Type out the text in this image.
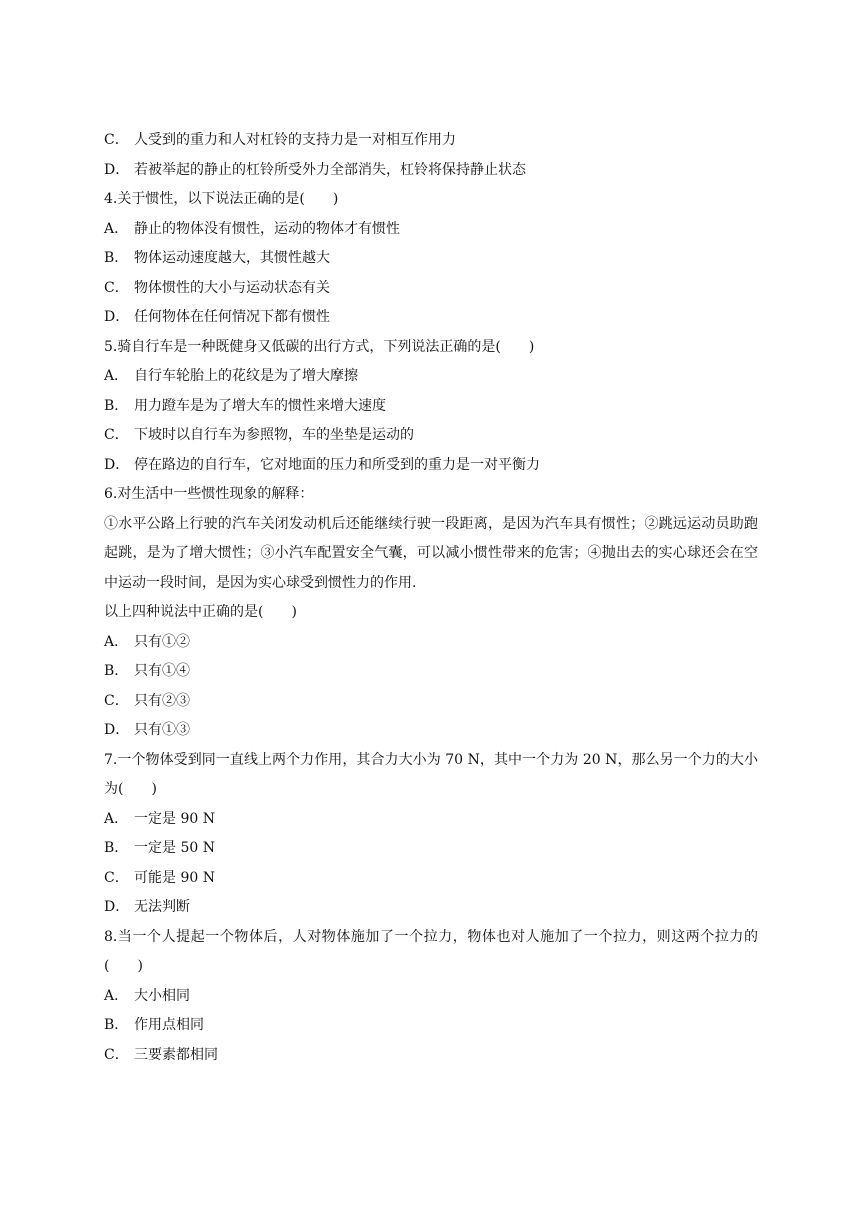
C． 人受到的重力和人对杠铃的支持力是一对相互作用力
D． 若被举起的静止的杠铃所受外力全部消失，杠铃将保持静止状态
4.关于惯性，以下说法正确的是(　　)
A． 静止的物体没有惯性，运动的物体才有惯性
B． 物体运动速度越大，其惯性越大
C． 物体惯性的大小与运动状态有关
D． 任何物体在任何情况下都有惯性
5.骑自行车是一种既健身又低碳的出行方式，下列说法正确的是(　　)
A． 自行车轮胎上的花纹是为了增大摩擦
B． 用力蹬车是为了增大车的惯性来增大速度
C． 下坡时以自行车为参照物，车的坐垫是运动的
D． 停在路边的自行车，它对地面的压力和所受到的重力是一对平衡力
6.对生活中一些惯性现象的解释：
①水平公路上行驶的汽车关闭发动机后还能继续行驶一段距离，是因为汽车具有惯性；②跳远运动员助跑起跳，是为了增大惯性；③小汽车配置安全气囊，可以减小惯性带来的危害；④抛出去的实心球还会在空中运动一段时间，是因为实心球受到惯性力的作用.
以上四种说法中正确的是(　　)
A． 只有①②
B． 只有①④
C． 只有②③
D． 只有①③
7.一个物体受到同一直线上两个力作用，其合力大小为 70 N，其中一个力为 20 N，那么另一个力的大小为(　　)
A． 一定是 90 N
B． 一定是 50 N
C． 可能是 90 N
D． 无法判断
8.当一个人提起一个物体后，人对物体施加了一个拉力，物体也对人施加了一个拉力，则这两个拉力的(　　)
A． 大小相同
B． 作用点相同
C． 三要素都相同
